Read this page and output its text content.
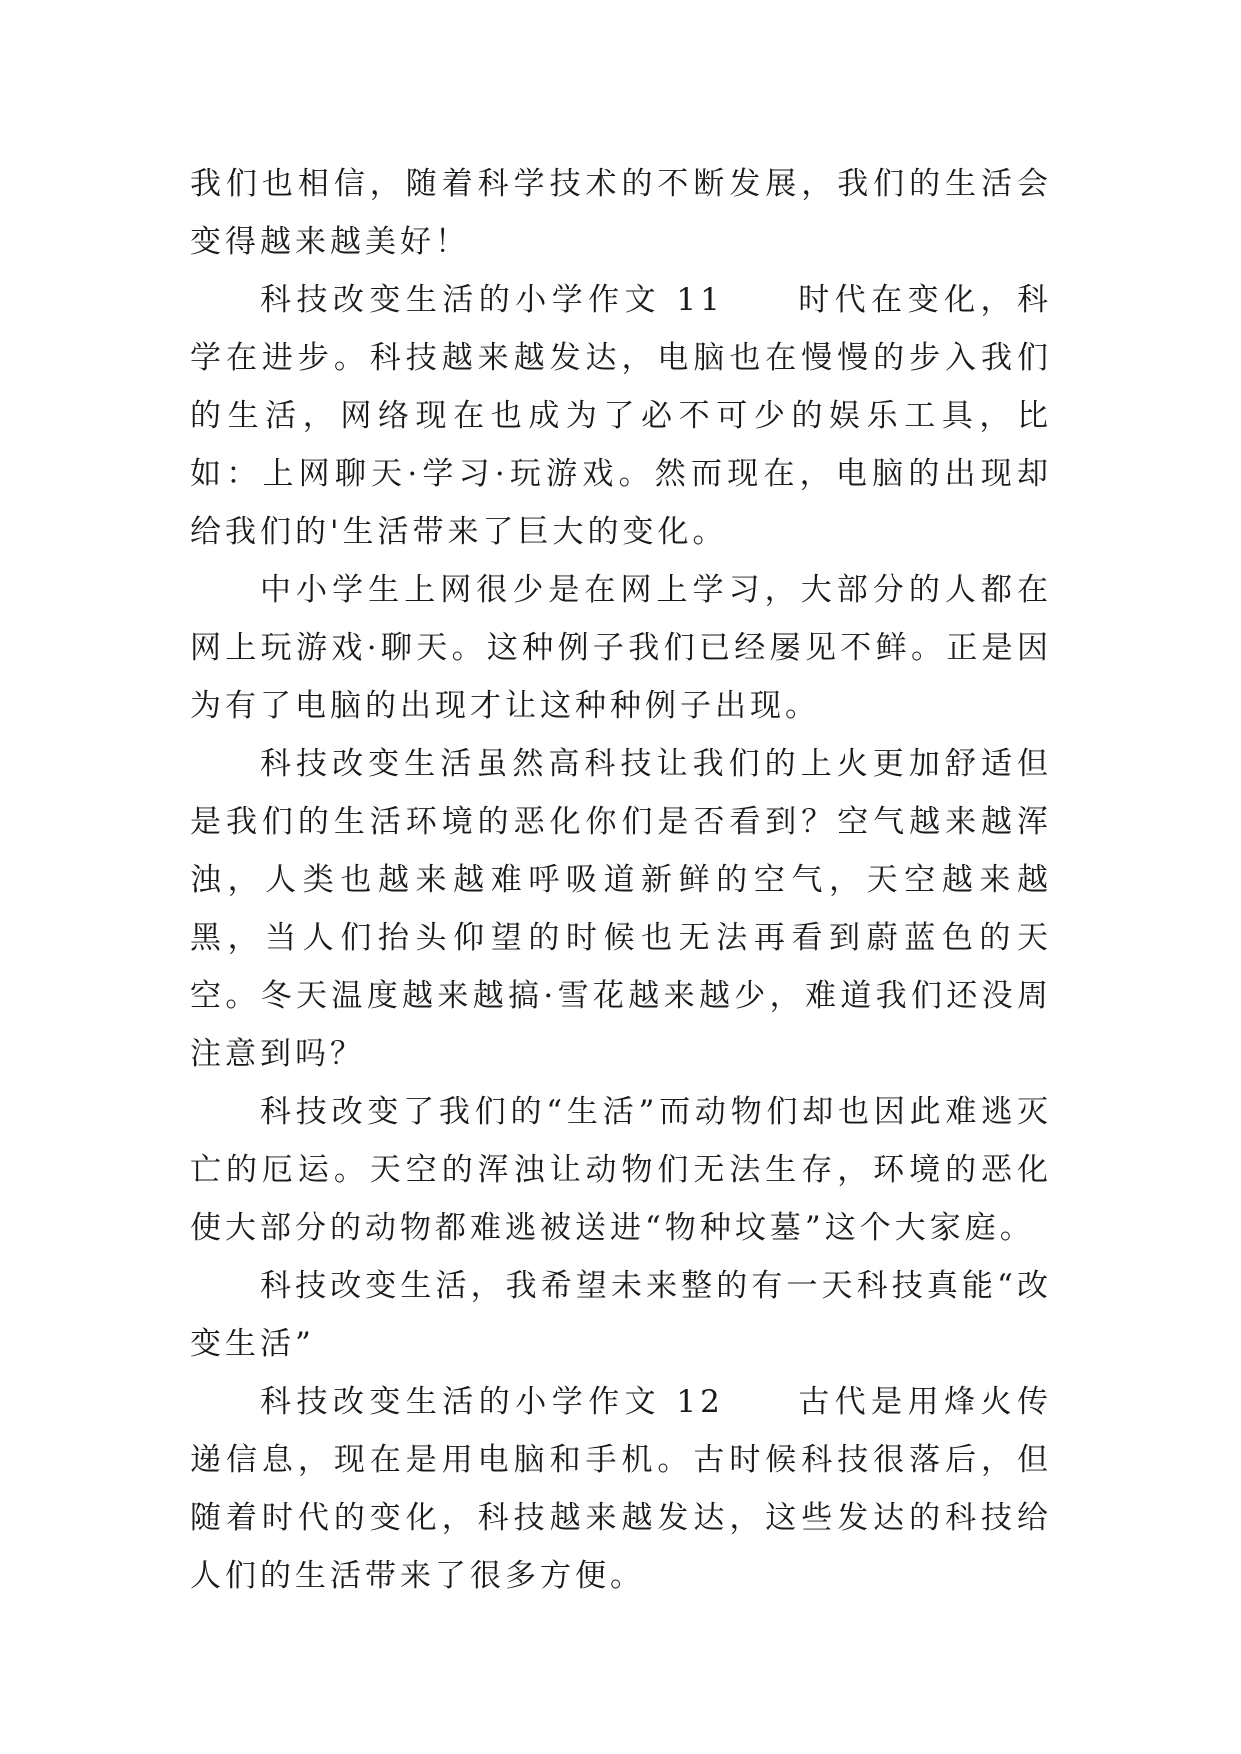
我们也相信，随着科学技术的不断发展，我们的生活会变得越来越美好！

科技改变生活的小学作文 11　　时代在变化，科学在进步。科技越来越发达，电脑也在慢慢的步入我们的生活，网络现在也成为了必不可少的娱乐工具，比如：上网聊天·学习·玩游戏。然而现在，电脑的出现却给我们的'生活带来了巨大的变化。

中小学生上网很少是在网上学习，大部分的人都在网上玩游戏·聊天。这种例子我们已经屡见不鲜。正是因为有了电脑的出现才让这种种例子出现。

科技改变生活虽然高科技让我们的上火更加舒适但是我们的生活环境的恶化你们是否看到？空气越来越浑浊，人类也越来越难呼吸道新鲜的空气，天空越来越黑，当人们抬头仰望的时候也无法再看到蔚蓝色的天空。冬天温度越来越搞·雪花越来越少，难道我们还没周注意到吗？

科技改变了我们的“生活”而动物们却也因此难逃灭亡的厄运。天空的浑浊让动物们无法生存，环境的恶化使大部分的动物都难逃被送进“物种坟墓”这个大家庭。

科技改变生活，我希望未来整的有一天科技真能“改变生活”

科技改变生活的小学作文 12　　古代是用烽火传递信息，现在是用电脑和手机。古时候科技很落后，但随着时代的变化，科技越来越发达，这些发达的科技给人们的生活带来了很多方便。
